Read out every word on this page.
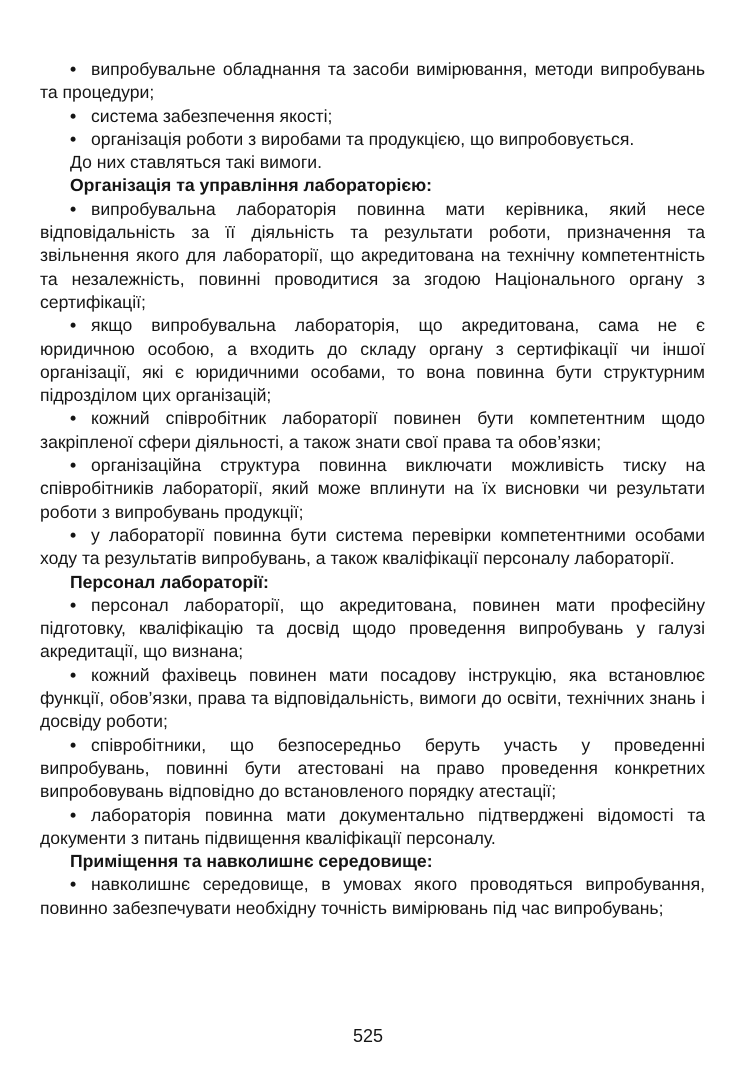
• випробувальне обладнання та засоби вимірювання, методи випробувань та процедури;

• система забезпечення якості;

• організація роботи з виробами та продукцією, що випробовується.

До них ставляться такі вимоги.

Організація та управління лабораторією:

• випробувальна лабораторія повинна мати керівника, який несе відповідальність за її діяльність та результати роботи, призначення та звільнення якого для лабораторії, що акредитована на технічну компетентність та незалежність, повинні проводитися за згодою Національного органу з сертифікації;

• якщо випробувальна лабораторія, що акредитована, сама не є юридичною особою, а входить до складу органу з сертифікації чи іншої організації, які є юридичними особами, то вона повинна бути структурним підрозділом цих організацій;

• кожний співробітник лабораторії повинен бути компетентним щодо закріпленої сфери діяльності, а також знати свої права та обов’язки;

• організаційна структура повинна виключати можливість тиску на співробітників лабораторії, який може вплинути на їх висновки чи результати роботи з випробувань продукції;

• у лабораторії повинна бути система перевірки компетентними особами ходу та результатів випробувань, а також кваліфікації персоналу лабораторії.

Персонал лабораторії:

• персонал лабораторії, що акредитована, повинен мати професійну підготовку, кваліфікацію та досвід щодо проведення випробувань у галузі акредитації, що визнана;

• кожний фахівець повинен мати посадову інструкцію, яка встановлює функції, обов’язки, права та відповідальність, вимоги до освіти, технічних знань і досвіду роботи;

• співробітники, що безпосередньо беруть участь у проведенні випробувань, повинні бути атестовані на право проведення конкретних випробовувань відповідно до встановленого порядку атестації;

• лабораторія повинна мати документально підтверджені відомості та документи з питань підвищення кваліфікації персоналу.

Приміщення та навколишнє середовище:

• навколишнє середовище, в умовах якого проводяться випробування, повинно забезпечувати необхідну точність вимірювань під час випробувань;

525
